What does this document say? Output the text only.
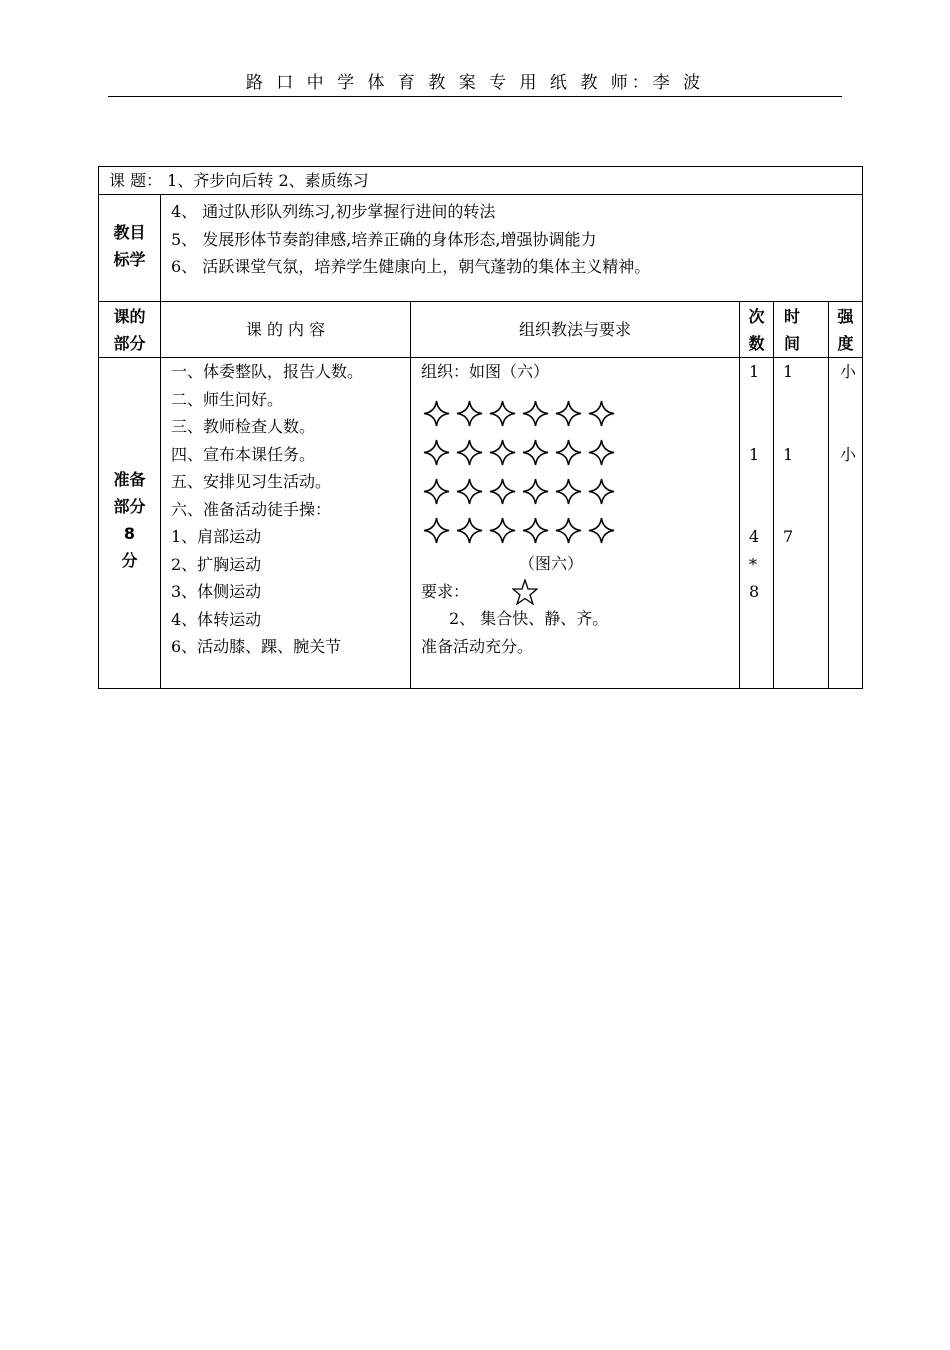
路 口 中 学 体 育 教 案 专 用 纸 教 师：李 波
课 题： 1、齐步向后转 2、素质练习
教目
标学
4、 通过队形队列练习,初步掌握行进间的转法
5、 发展形体节奏韵律感,培养正确的身体形态,增强协调能力
6、 活跃课堂气氛，培养学生健康向上，朝气蓬勃的集体主义精神。
课的
部分
课 的 内 容	组织教法与要求
次
数
时
间
强
度
准备
部分
8
分
一、体委整队，报告人数。
二、师生问好。
三、教师检查人数。
四、宣布本课任务。
五、安排见习生活动。
六、准备活动徒手操：
1、肩部运动
2、扩胸运动
3、体侧运动
4、体转运动
6、活动膝、踝、腕关节
组织：如图（六）
（图六）
要求：
2、 集合快、静、齐。
准备活动充分。
1

1

4
*
8
1

1

7
小

小
